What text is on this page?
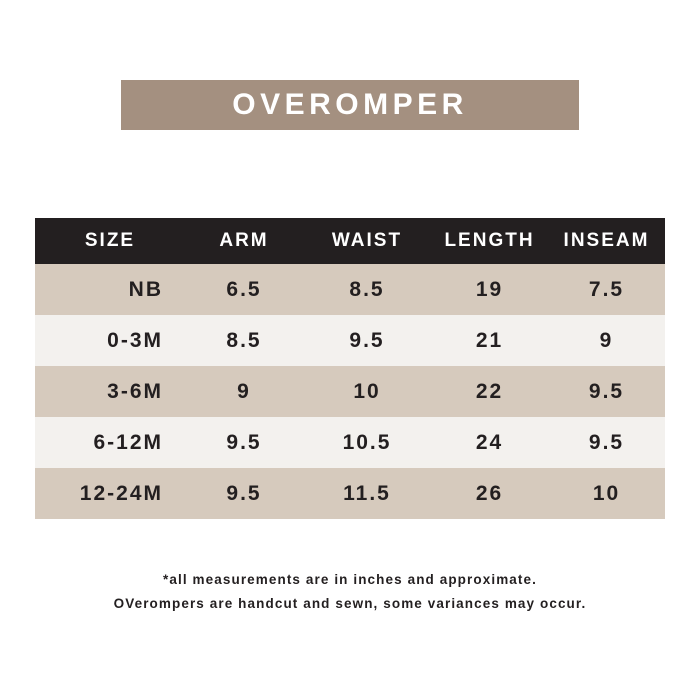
OVEROMPER
SIZE	ARM	WAIST	LENGTH	INSEAM
NB	6.5	8.5	19	7.5
0-3M	8.5	9.5	21	9
3-6M	9	10	22	9.5
6-12M	9.5	10.5	24	9.5
12-24M	9.5	11.5	26	10
*all measurements are in inches and approximate.
OVerompers are handcut and sewn, some variances may occur.
